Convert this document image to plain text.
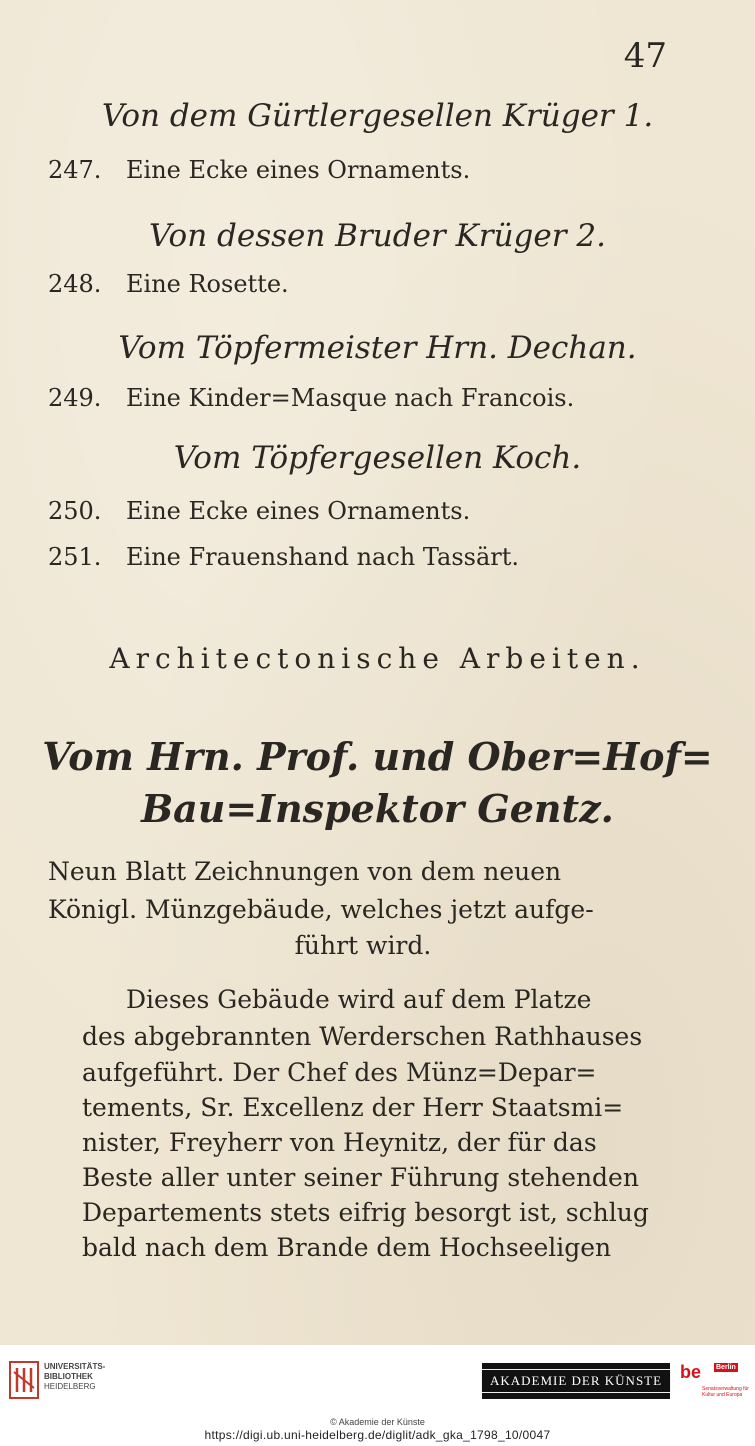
47
Von dem Gürtlergesellen Krüger 1.
247. Eine Ecke eines Ornaments.
Von dessen Bruder Krüger 2.
248. Eine Rosette.
Vom Töpfermeister Hrn. Dechan.
249. Eine Kinder=Masque nach Francois.
Vom Töpfergesellen Koch.
250. Eine Ecke eines Ornaments.
251. Eine Frauenshand nach Tassärt.
Architectonische Arbeiten.
Vom Hrn. Prof. und Ober=Hof=
Bau=Inspektor Gentz.
Neun Blatt Zeichnungen von dem neuen
Königl. Münzgebäude, welches jetzt aufge-
führt wird.
Dieses Gebäude wird auf dem Platze
des abgebrannten Werderschen Rathhauses
aufgeführt. Der Chef des Münz=Depar=
tements, Sr. Excellenz der Herr Staatsmi=
nister, Freyherr von Heynitz, der für das
Beste aller unter seiner Führung stehenden
Departements stets eifrig besorgt ist, schlug
bald nach dem Brande dem Hochseeligen
UNIVERSITÄTS-
BIBLIOTHEK
HEIDELBERG	AKADEMIE DER KÜNSTE be Berlin
Senatsverwaltung für Kultur und Europa
© Akademie der Künste
https://digi.ub.uni-heidelberg.de/diglit/adk_gka_1798_10/0047
